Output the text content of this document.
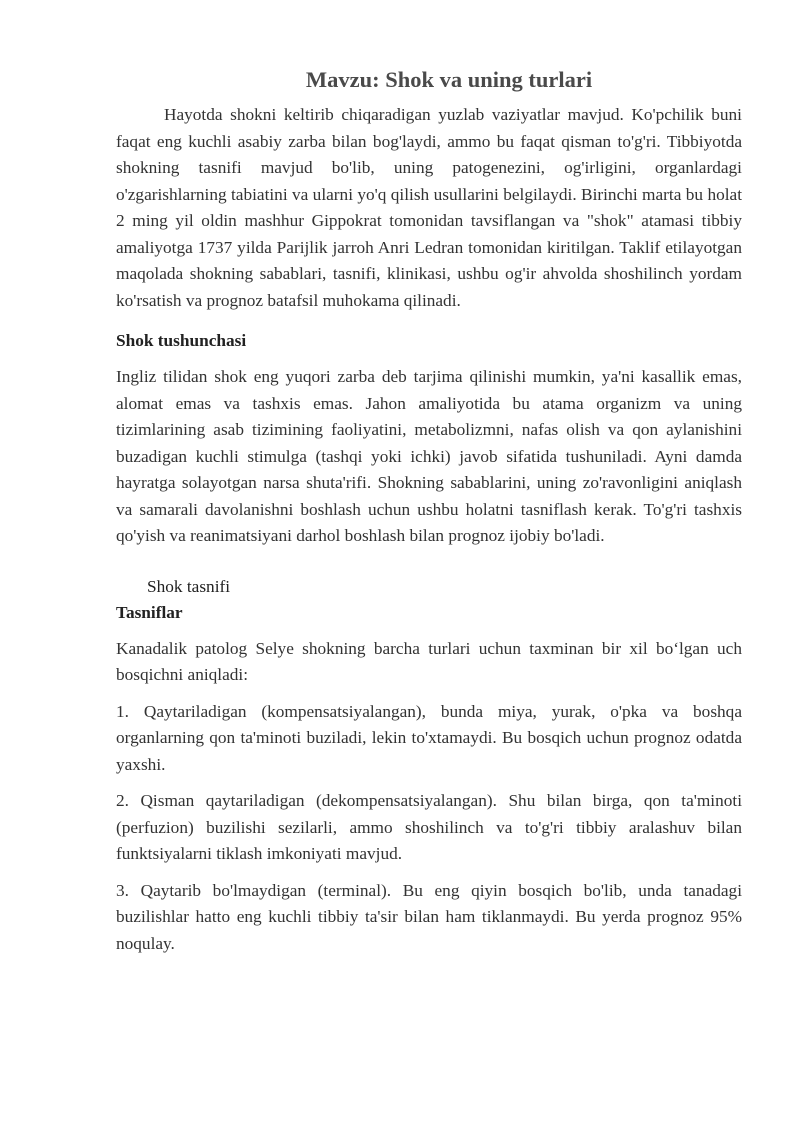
Mavzu: Shok va uning turlari

Hayotda shokni keltirib chiqaradigan yuzlab vaziyatlar mavjud. Ko'pchilik buni faqat eng kuchli asabiy zarba bilan bog'laydi, ammo bu faqat qisman to'g'ri. Tibbiyotda shokning tasnifi mavjud bo'lib, uning patogenezini, og'irligini, organlardagi o'zgarishlarning tabiatini va ularni yo'q qilish usullarini belgilaydi. Birinchi marta bu holat 2 ming yil oldin mashhur Gippokrat tomonidan tavsiflangan va "shok" atamasi tibbiy amaliyotga 1737 yilda Parijlik jarroh Anri Ledran tomonidan kiritilgan. Taklif etilayotgan maqolada shokning sabablari, tasnifi, klinikasi, ushbu og'ir ahvolda shoshilinch yordam ko'rsatish va prognoz batafsil muhokama qilinadi.

Shok tushunchasi

Ingliz tilidan shok eng yuqori zarba deb tarjima qilinishi mumkin, ya'ni kasallik emas, alomat emas va tashxis emas. Jahon amaliyotida bu atama organizm va uning tizimlarining asab tizimining faoliyatini, metabolizmni, nafas olish va qon aylanishini buzadigan kuchli stimulga (tashqi yoki ichki) javob sifatida tushuniladi. Ayni damda hayratga solayotgan narsa shuta'rifi. Shokning sabablarini, uning zo'ravonligini aniqlash va samarali davolanishni boshlash uchun ushbu holatni tasniflash kerak. To'g'ri tashxis qo'yish va reanimatsiyani darhol boshlash bilan prognoz ijobiy bo'ladi.

Shok tasnifi
Tasniflar

Kanadalik patolog Selye shokning barcha turlari uchun taxminan bir xil bo‘lgan uch bosqichni aniqladi:

1. Qaytariladigan (kompensatsiyalangan), bunda miya, yurak, o'pka va boshqa organlarning qon ta'minoti buziladi, lekin to'xtamaydi. Bu bosqich uchun prognoz odatda yaxshi.

2. Qisman qaytariladigan (dekompensatsiyalangan). Shu bilan birga, qon ta'minoti (perfuzion) buzilishi sezilarli, ammo shoshilinch va to'g'ri tibbiy aralashuv bilan funktsiyalarni tiklash imkoniyati mavjud.

3. Qaytarib bo'lmaydigan (terminal). Bu eng qiyin bosqich bo'lib, unda tanadagi buzilishlar hatto eng kuchli tibbiy ta'sir bilan ham tiklanmaydi. Bu yerda prognoz 95% noqulay.
